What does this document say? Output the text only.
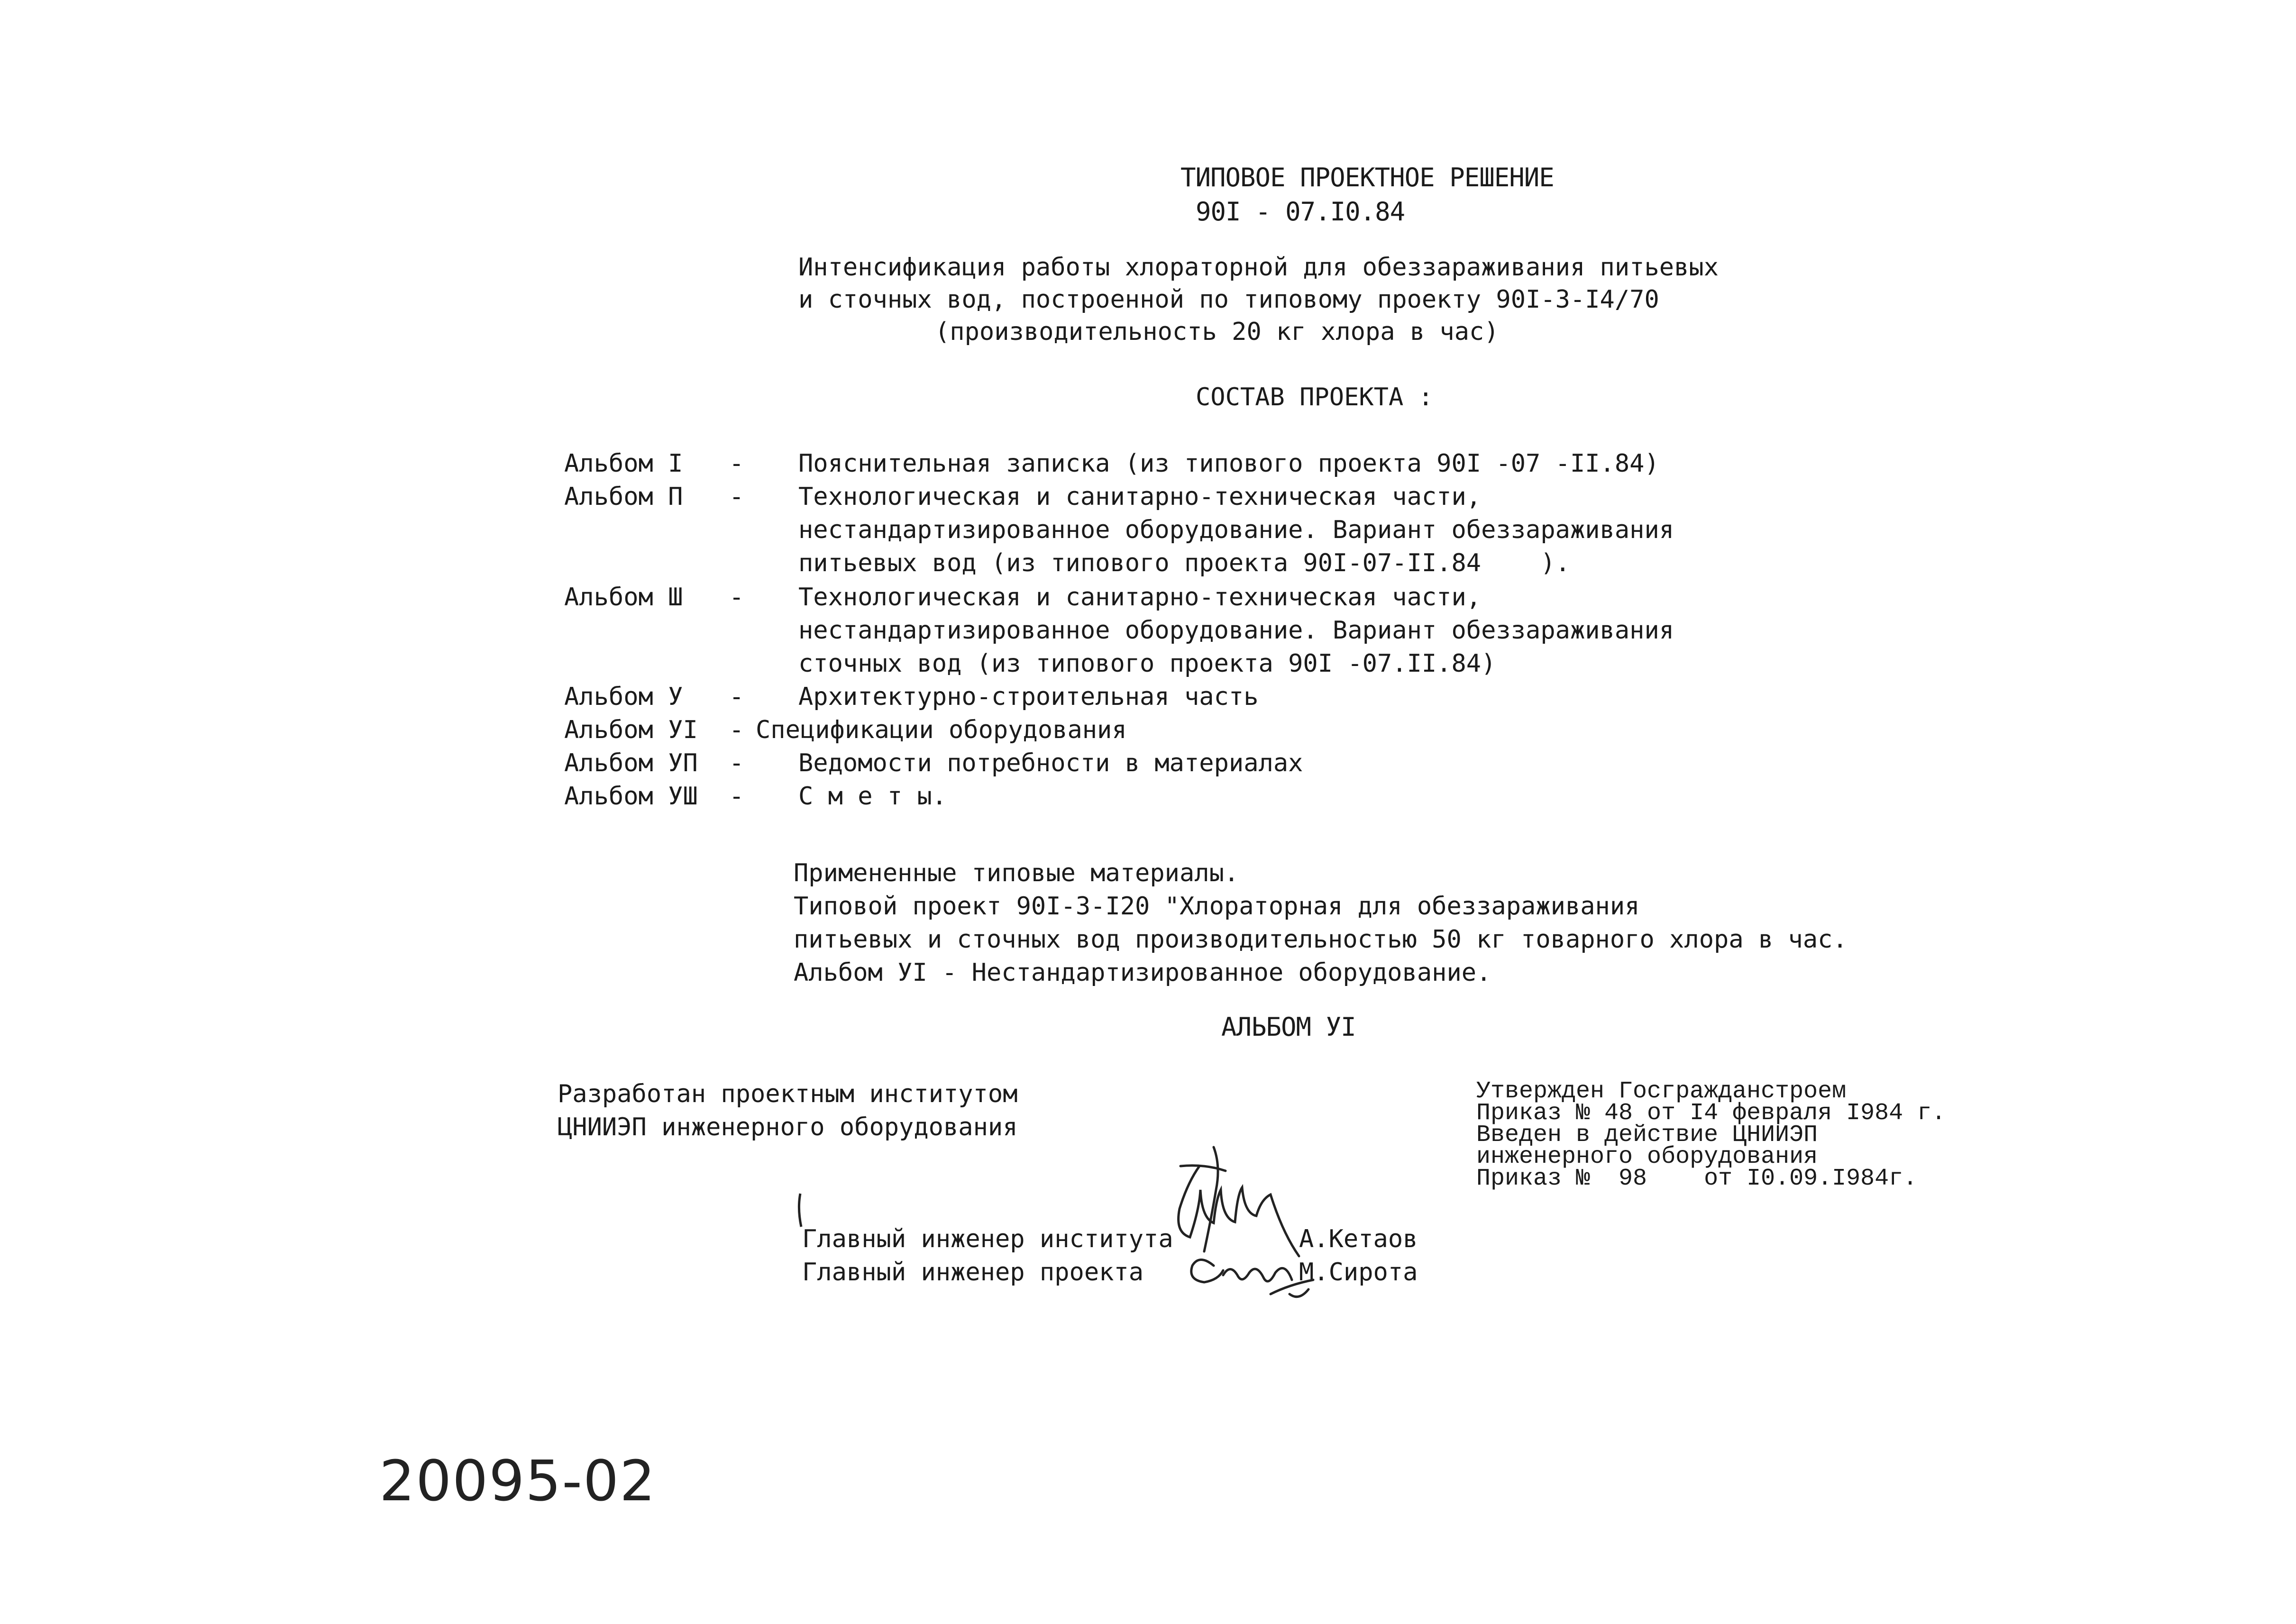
ТИПОВОЕ ПРОЕКТНОЕ РЕШЕНИЕ
90I - 07.I0.84
Интенсификация работы хлораторной для обеззараживания питьевых
и сточных вод, построенной по типовому проекту 90I-3-I4/70
(производительность 20 кг хлора в час)
СОСТАВ ПРОЕКТА :
Альбом I - Пояснительная записка (из типового проекта 90I -07 -II.84)
Альбом П - Технологическая и санитарно-техническая части,
нестандартизированное оборудование. Вариант обеззараживания
питьевых вод (из типового проекта 90I-07-II.84    ).
Альбом Ш - Технологическая и санитарно-техническая части,
нестандартизированное оборудование. Вариант обеззараживания
сточных вод (из типового проекта 90I -07.II.84)
Альбом У - Архитектурно-строительная часть
Альбом УI - Спецификации оборудования
Альбом УП - Ведомости потребности в материалах
Альбом УШ - С м е т ы.
Примененные типовые материалы.
Типовой проект 90I-3-I20 "Хлораторная для обеззараживания
питьевых и сточных вод производительностью 50 кг товарного хлора в час.
Альбом УI - Нестандартизированное оборудование.
АЛЬБОМ УI
Разработан проектным институтом
ЦНИИЭП инженерного оборудования
Утвержден Госгражданстроем
Приказ № 48 от I4 февраля I984 г.
Введен в действие ЦНИИЭП
инженерного оборудования
Приказ №  98    от I0.09.I984г.
Главный инженер института	А.Кетаов
Главный инженер проекта	М.Сирота
20095-02
